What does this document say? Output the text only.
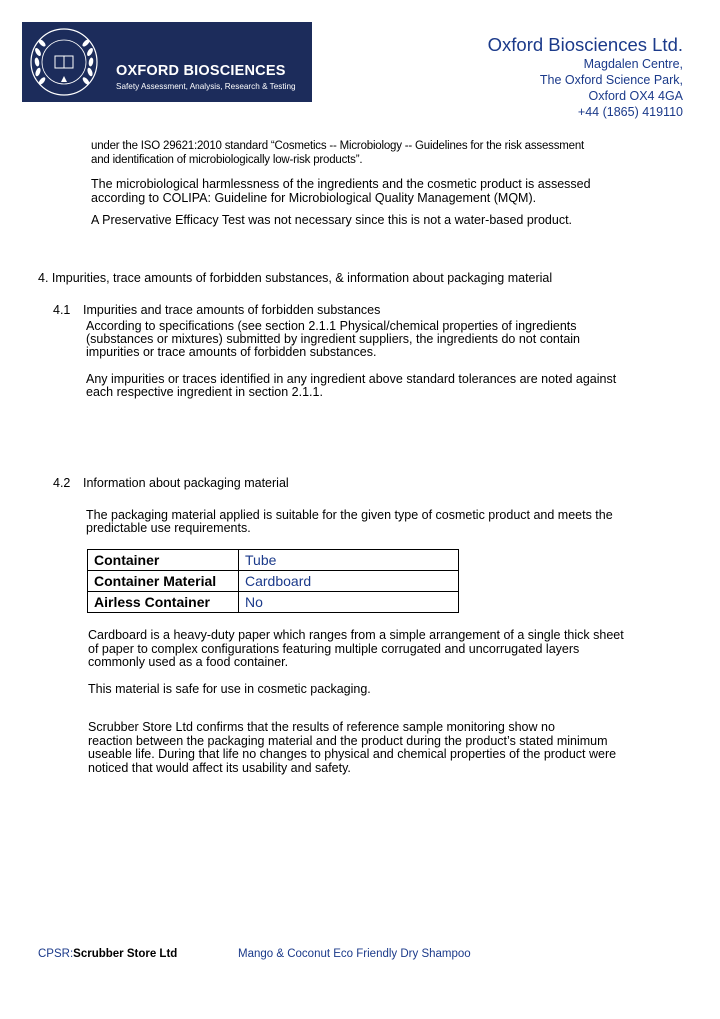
OXFORD BIOSCIENCES
Safety Assessment, Analysis, Research & Testing
Oxford Biosciences Ltd.
Magdalen Centre,
The Oxford Science Park,
Oxford OX4 4GA
+44 (1865) 419110
under the ISO 29621:2010 standard “Cosmetics -- Microbiology -- Guidelines for the risk assessment
and identification of microbiologically low-risk products”.
The microbiological harmlessness of the ingredients and the cosmetic product is assessed
according to COLIPA: Guideline for Microbiological Quality Management (MQM).
A Preservative Efficacy Test was not necessary since this is not a water-based product.
4. Impurities, trace amounts of forbidden substances, & information about packaging material
4.1 Impurities and trace amounts of forbidden substances
According to specifications (see section 2.1.1 Physical/chemical properties of ingredients
(substances or mixtures) submitted by ingredient suppliers, the ingredients do not contain
impurities or trace amounts of forbidden substances.
Any impurities or traces identified in any ingredient above standard tolerances are noted against
each respective ingredient in section 2.1.1.
4.2 Information about packaging material
The packaging material applied is suitable for the given type of cosmetic product and meets the
predictable use requirements.
Container	Tube
Container Material	Cardboard
Airless Container	No
Cardboard is a heavy-duty paper which ranges from a simple arrangement of a single thick sheet
of paper to complex configurations featuring multiple corrugated and uncorrugated layers
commonly used as a food container.
This material is safe for use in cosmetic packaging.
Scrubber Store Ltd confirms that the results of reference sample monitoring show no
reaction between the packaging material and the product during the product’s stated minimum
useable life. During that life no changes to physical and chemical properties of the product were
noticed that would affect its usability and safety.
CPSR:Scrubber Store Ltd	Mango & Coconut Eco Friendly Dry Shampoo
